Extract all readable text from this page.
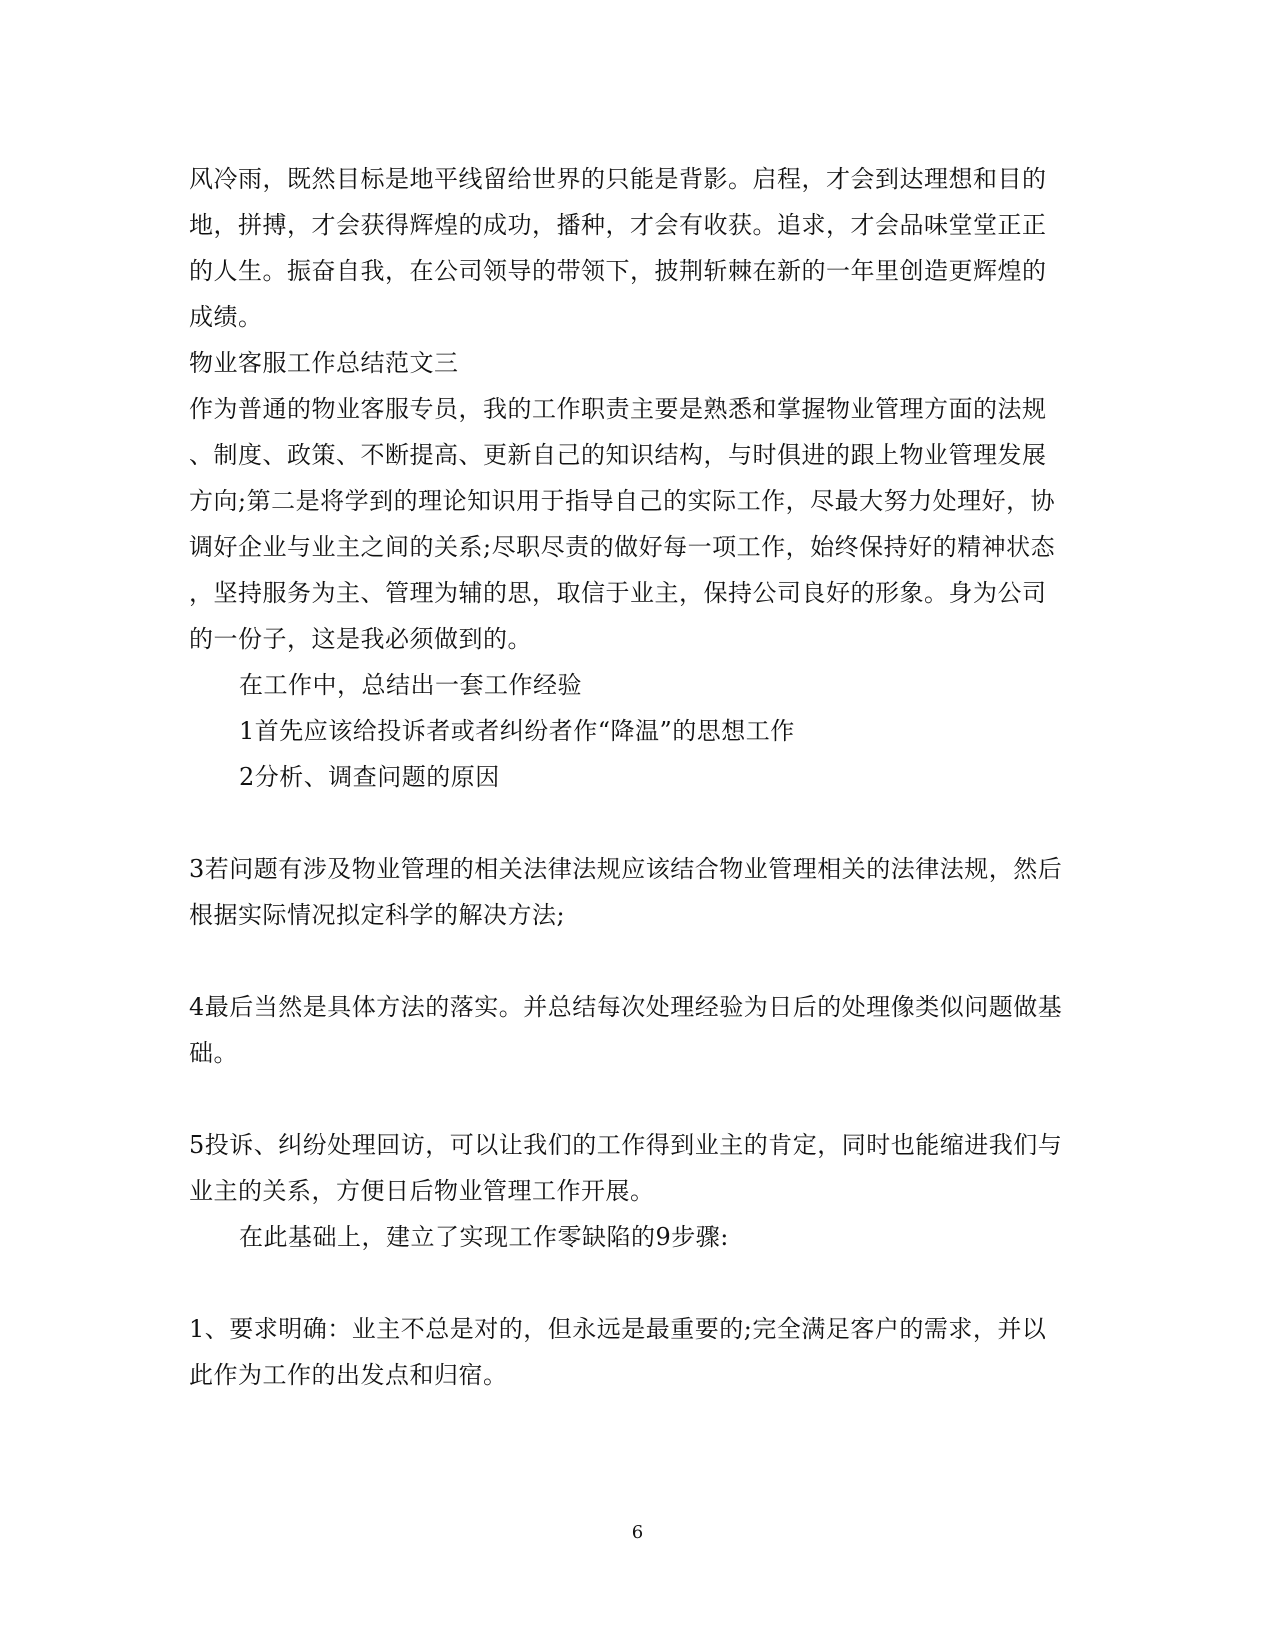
风冷雨，既然目标是地平线留给世界的只能是背影。启程，才会到达理想和目的
地，拼搏，才会获得辉煌的成功，播种，才会有收获。追求，才会品味堂堂正正
的人生。振奋自我，在公司领导的带领下，披荆斩棘在新的一年里创造更辉煌的
成绩。
物业客服工作总结范文三
作为普通的物业客服专员，我的工作职责主要是熟悉和掌握物业管理方面的法规
、制度、政策、不断提高、更新自己的知识结构，与时俱进的跟上物业管理发展
方向;第二是将学到的理论知识用于指导自己的实际工作，尽最大努力处理好，协
调好企业与业主之间的关系;尽职尽责的做好每一项工作，始终保持好的精神状态
，坚持服务为主、管理为辅的思，取信于业主，保持公司良好的形象。身为公司
的一份子，这是我必须做到的。
在工作中，总结出一套工作经验
1首先应该给投诉者或者纠纷者作“降温”的思想工作
2分析、调查问题的原因
3若问题有涉及物业管理的相关法律法规应该结合物业管理相关的法律法规，然后
根据实际情况拟定科学的解决方法;
4最后当然是具体方法的落实。并总结每次处理经验为日后的处理像类似问题做基
础。
5投诉、纠纷处理回访，可以让我们的工作得到业主的肯定，同时也能缩进我们与
业主的关系，方便日后物业管理工作开展。
在此基础上，建立了实现工作零缺陷的9步骤:
1、要求明确：业主不总是对的，但永远是最重要的;完全满足客户的需求，并以
此作为工作的出发点和归宿。
6
